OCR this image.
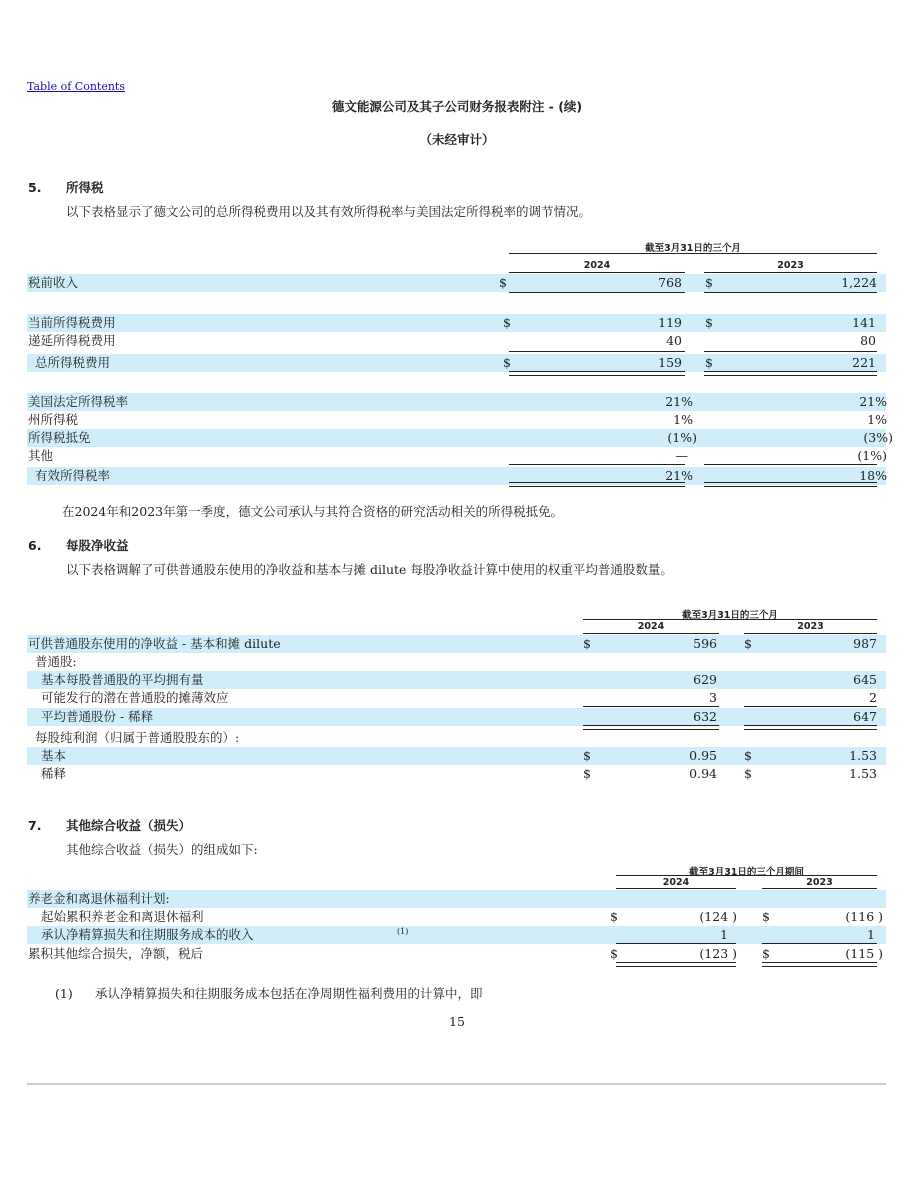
Table of Contents
德文能源公司及其子公司财务报表附注 - (续)
（未经审计）
5. 所得税
以下表格显示了德文公司的总所得税费用以及其有效所得税率与美国法定所得税率的调节情况。
截至3月31日的三个月
2024	2023
税前收入	$	768 $	1,224
当前所得税费用	$	119 $	141
递延所得税费用	40	80
总所得税费用	$	159 $	221
美国法定所得税率	21%	21%
州所得税	1%	1%
所得税抵免	(1%)	(3%)
其他	—	(1%)
有效所得税率	21%	18%
在2024年和2023年第一季度，德文公司承认与其符合资格的研究活动相关的所得税抵免。
6. 每股净收益
以下表格调解了可供普通股东使用的净收益和基本与摊 dilute 每股净收益计算中使用的权重平均普通股数量。
截至3月31日的三个月
2024	2023
可供普通股东使用的净收益 - 基本和摊 dilute	$	596 $	987
普通股:
基本每股普通股的平均拥有量	629	645
可能发行的潜在普通股的摊薄效应	3	2
平均普通股份 - 稀释	632	647
每股纯利润（归属于普通股股东的）:
基本	$	0.95 $	1.53
稀释	$	0.94 $	1.53
7. 其他综合收益（损失）
其他综合收益（损失）的组成如下:
截至3月31日的三个月期间
2024	2023
养老金和离退休福利计划:
起始累积养老金和离退休福利	$	(124 ) $	(116 )
承认净精算损失和往期服务成本的收入	(1)	1	1
累积其他综合损失，净额，税后	$	(123 ) $	(115 )
(1) 承认净精算损失和往期服务成本包括在净周期性福利费用的计算中，即
15
